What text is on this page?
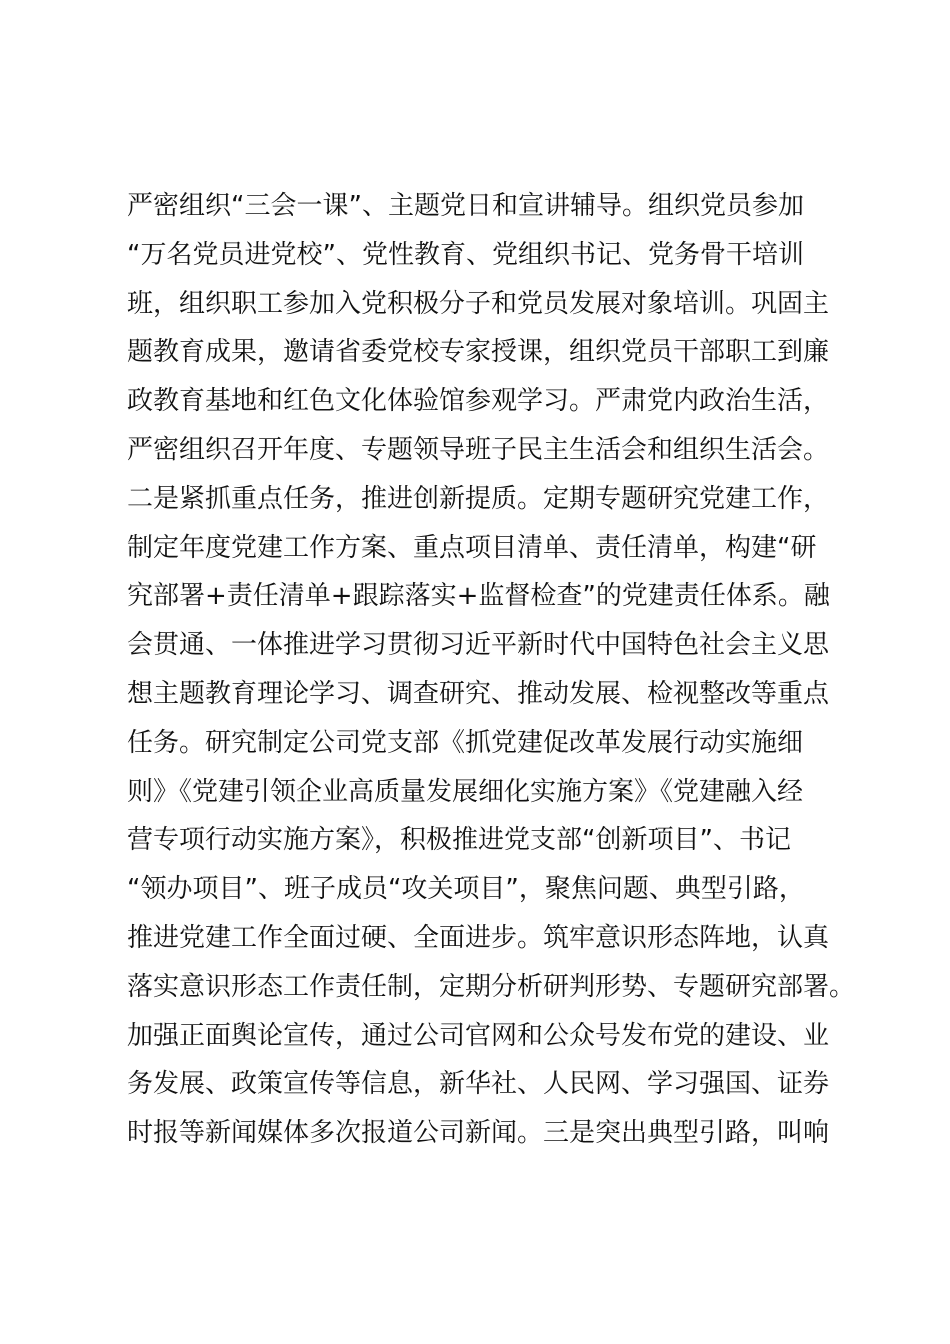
严密组织“三会一课”、主题党日和宣讲辅导。组织党员参加
“万名党员进党校”、党性教育、党组织书记、党务骨干培训
班，组织职工参加入党积极分子和党员发展对象培训。巩固主
题教育成果，邀请省委党校专家授课，组织党员干部职工到廉
政教育基地和红色文化体验馆参观学习。严肃党内政治生活，
严密组织召开年度、专题领导班子民主生活会和组织生活会。
二是紧抓重点任务，推进创新提质。定期专题研究党建工作，
制定年度党建工作方案、重点项目清单、责任清单，构建“研
究部署+责任清单+跟踪落实+监督检查”的党建责任体系。融
会贯通、一体推进学习贯彻习近平新时代中国特色社会主义思
想主题教育理论学习、调查研究、推动发展、检视整改等重点
任务。研究制定公司党支部《抓党建促改革发展行动实施细
则》《党建引领企业高质量发展细化实施方案》《党建融入经
营专项行动实施方案》，积极推进党支部“创新项目”、书记
“领办项目”、班子成员“攻关项目”，聚焦问题、典型引路，
推进党建工作全面过硬、全面进步。筑牢意识形态阵地，认真
落实意识形态工作责任制，定期分析研判形势、专题研究部署。
加强正面舆论宣传，通过公司官网和公众号发布党的建设、业
务发展、政策宣传等信息，新华社、人民网、学习强国、证券
时报等新闻媒体多次报道公司新闻。三是突出典型引路，叫响
